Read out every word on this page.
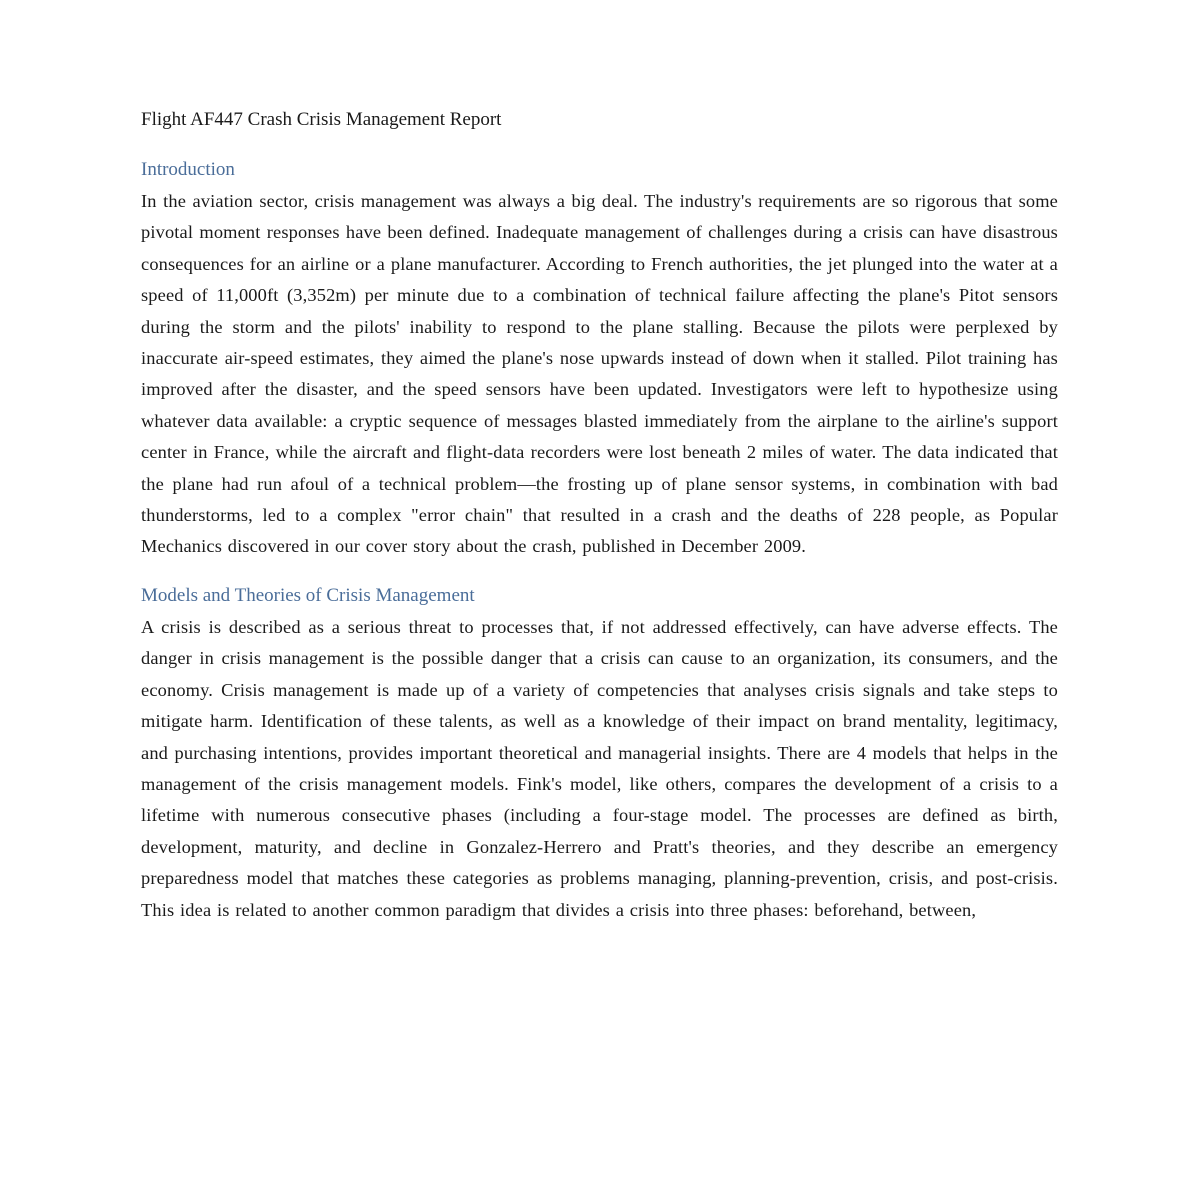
Flight AF447 Crash Crisis Management Report
Introduction

In the aviation sector, crisis management was always a big deal. The industry's requirements are so rigorous that some pivotal moment responses have been defined. Inadequate management of challenges during a crisis can have disastrous consequences for an airline or a plane manufacturer. According to French authorities, the jet plunged into the water at a speed of 11,000ft (3,352m) per minute due to a combination of technical failure affecting the plane's Pitot sensors during the storm and the pilots' inability to respond to the plane stalling. Because the pilots were perplexed by inaccurate air-speed estimates, they aimed the plane's nose upwards instead of down when it stalled. Pilot training has improved after the disaster, and the speed sensors have been updated. Investigators were left to hypothesize using whatever data available: a cryptic sequence of messages blasted immediately from the airplane to the airline's support center in France, while the aircraft and flight-data recorders were lost beneath 2 miles of water. The data indicated that the plane had run afoul of a technical problem—the frosting up of plane sensor systems, in combination with bad thunderstorms, led to a complex "error chain" that resulted in a crash and the deaths of 228 people, as Popular Mechanics discovered in our cover story about the crash, published in December 2009.

Models and Theories of Crisis Management

A crisis is described as a serious threat to processes that, if not addressed effectively, can have adverse effects. The danger in crisis management is the possible danger that a crisis can cause to an organization, its consumers, and the economy. Crisis management is made up of a variety of competencies that analyses crisis signals and take steps to mitigate harm. Identification of these talents, as well as a knowledge of their impact on brand mentality, legitimacy, and purchasing intentions, provides important theoretical and managerial insights. There are 4 models that helps in the management of the crisis management models. Fink's model, like others, compares the development of a crisis to a lifetime with numerous consecutive phases (including a four-stage model. The processes are defined as birth, development, maturity, and decline in Gonzalez-Herrero and Pratt's theories, and they describe an emergency preparedness model that matches these categories as problems managing, planning-prevention, crisis, and post-crisis. This idea is related to another common paradigm that divides a crisis into three phases: beforehand, between,
